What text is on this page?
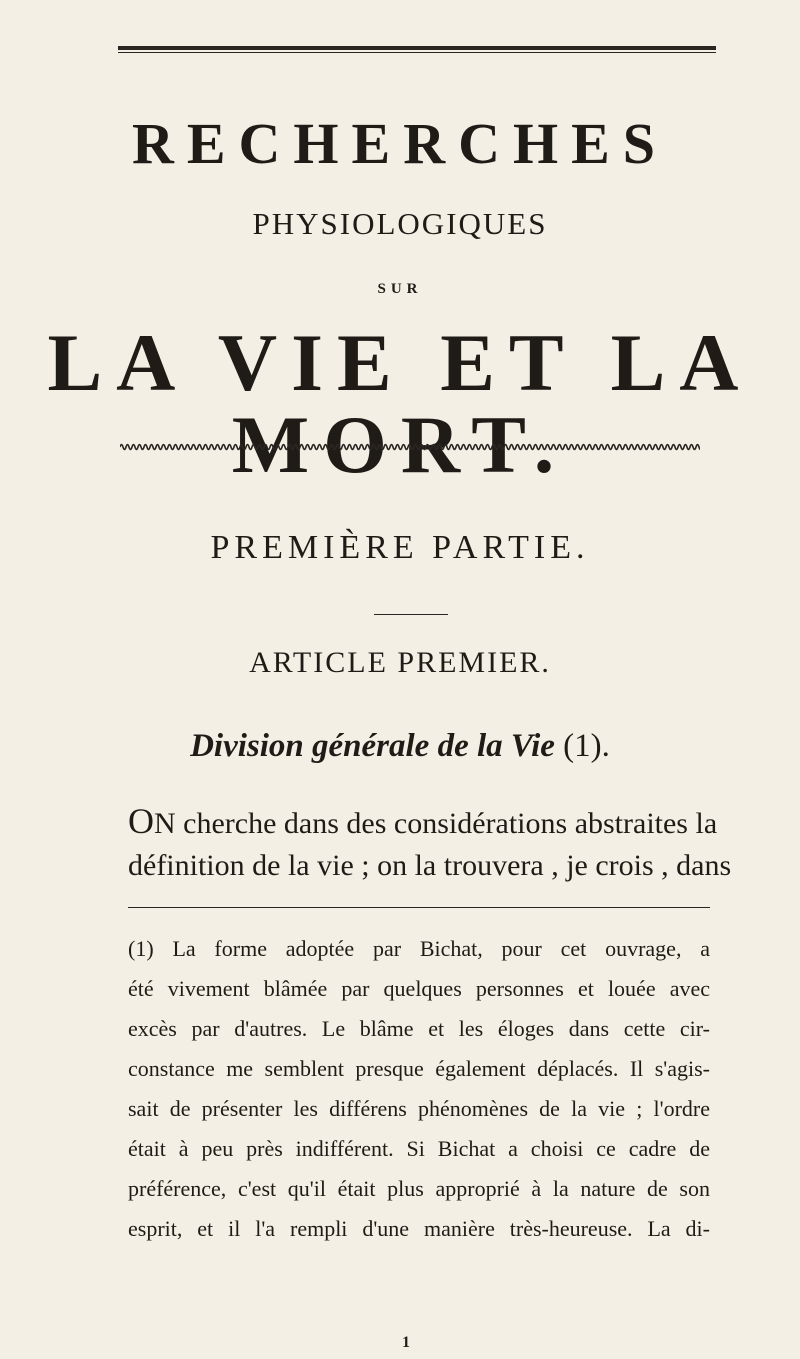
RECHERCHES
PHYSIOLOGIQUES
SUR
LA VIE ET LA MORT.
PREMIÈRE PARTIE.
ARTICLE PREMIER.
Division générale de la Vie (1).
ON cherche dans des considérations abstraites la
définition de la vie ; on la trouvera , je crois , dans
(1) La forme adoptée par Bichat, pour cet ouvrage, a
été vivement blâmée par quelques personnes et louée avec
excès par d'autres. Le blâme et les éloges dans cette cir-
constance me semblent presque également déplacés. Il s'agis-
sait de présenter les différens phénomènes de la vie ; l'ordre
était à peu près indifférent. Si Bichat a choisi ce cadre de
préférence, c'est qu'il était plus approprié à la nature de son
esprit, et il l'a rempli d'une manière très-heureuse. La di-
1
